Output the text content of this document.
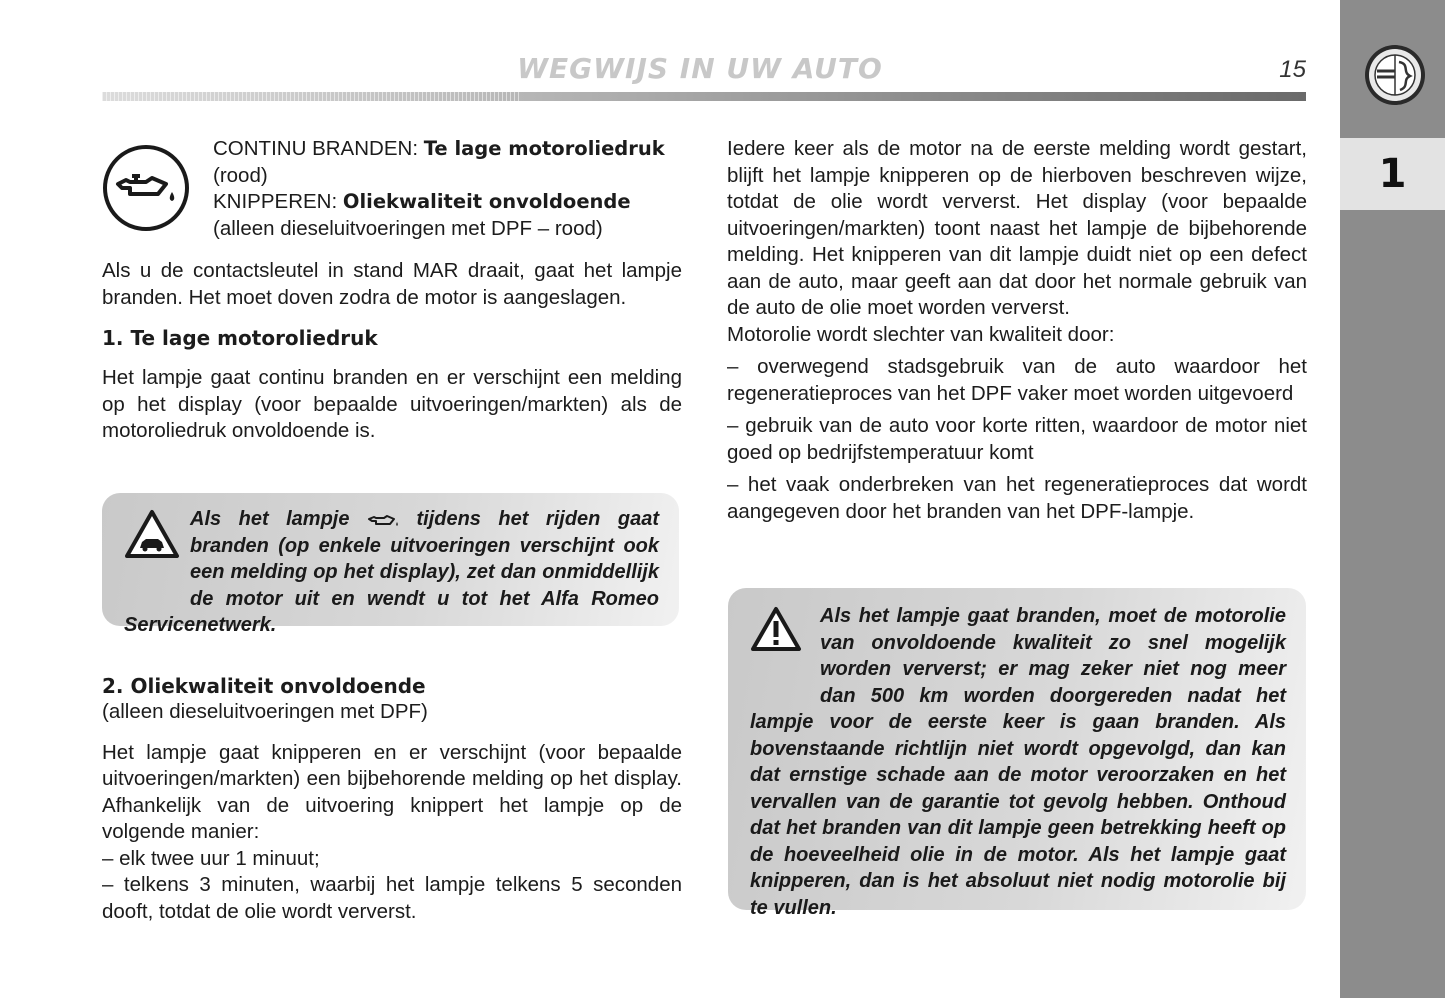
WEGWIJS IN UW AUTO	15
1
CONTINU BRANDEN: Te lage motoroliedruk
(rood)
KNIPPEREN: Oliekwaliteit onvoldoende
(alleen dieseluitvoeringen met DPF – rood)

Als u de contactsleutel in stand MAR draait, gaat het lampje branden. Het moet doven zodra de motor is aangeslagen.

1. Te lage motoroliedruk

Het lampje gaat continu branden en er verschijnt een melding op het display (voor bepaalde uitvoeringen/markten) als de motoroliedruk onvoldoende is.

Als het lampje  tijdens het rijden gaat branden (op enkele uitvoeringen verschijnt ook een melding op het display), zet dan onmiddellijk de motor uit en wendt u tot het Alfa Romeo Servicenetwerk.
2. Oliekwaliteit onvoldoende

(alleen dieseluitvoeringen met DPF)

Het lampje gaat knipperen en er verschijnt (voor bepaalde uitvoeringen/markten) een bijbehorende melding op het display. Afhankelijk van de uitvoering knippert het lampje op de volgende manier:

– elk twee uur 1 minuut;

– telkens 3 minuten, waarbij het lampje telkens 5 seconden dooft, totdat de olie wordt ververst.

Iedere keer als de motor na de eerste melding wordt gestart, blijft het lampje knipperen op de hierboven beschreven wijze, totdat de olie wordt ververst. Het display (voor bepaalde uitvoeringen/markten) toont naast het lampje de bijbehorende melding. Het knipperen van dit lampje duidt niet op een defect aan de auto, maar geeft aan dat door het normale gebruik van de auto de olie moet worden ververst.

Motorolie wordt slechter van kwaliteit door:

– overwegend stadsgebruik van de auto waardoor het regeneratieproces van het DPF vaker moet worden uitgevoerd

– gebruik van de auto voor korte ritten, waardoor de motor niet goed op bedrijfstemperatuur komt

– het vaak onderbreken van het regeneratieproces dat wordt aangegeven door het branden van het DPF-lampje.

Als het lampje gaat branden, moet de motorolie van onvoldoende kwaliteit zo snel mogelijk worden ververst; er mag zeker niet nog meer dan 500 km worden doorgereden nadat het lampje voor de eerste keer is gaan branden. Als bovenstaande richtlijn niet wordt opgevolgd, dan kan dat ernstige schade aan de motor veroorzaken en het vervallen van de garantie tot gevolg hebben. Onthoud dat het branden van dit lampje geen betrekking heeft op de hoeveelheid olie in de motor. Als het lampje gaat knipperen, dan is het absoluut niet nodig motorolie bij te vullen.
